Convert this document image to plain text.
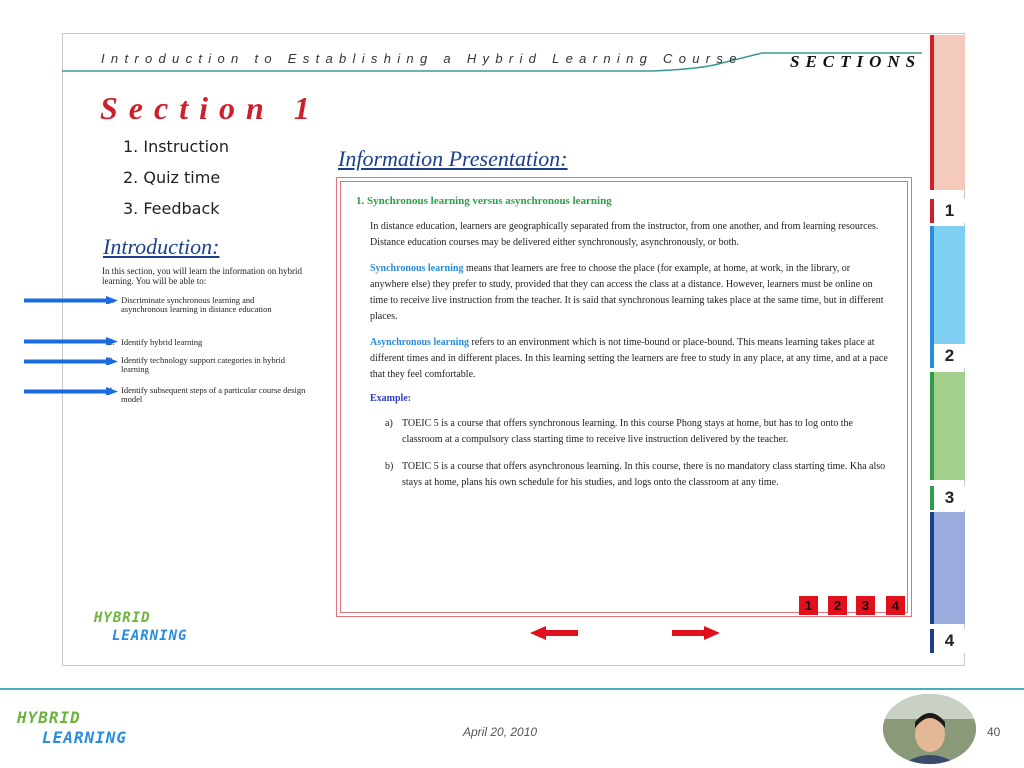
Introduction to Establishing a Hybrid Learning Course	SECTIONS
Section 1
1. Instruction
2. Quiz time
3. Feedback
Introduction:
In this section, you will learn the information on hybrid learning. You will be able to:
Discriminate synchronous learning and asynchronous learning in distance education
Identify hybrid learning
Identify technology support categories in hybrid learning
Identify subsequent steps of a particular course design model
HYBRID
LEARNING
Information Presentation:
1. Synchronous learning versus asynchronous learning
In distance education, learners are geographically separated from the instructor, from one another, and from learning resources. Distance education courses may be delivered either synchronously, asynchronously, or both.
Synchronous learning means that learners are free to choose the place (for example, at home, at work, in the library, or anywhere else) they prefer to study, provided that they can access the class at a distance. However, learners must be online on time to receive live instruction from the teacher. It is said that synchronous learning takes place at the same time, but in different places.
Asynchronous learning refers to an environment which is not time-bound or place-bound. This means learning takes place at different times and in different places. In this learning setting the learners are free to study in any place, at any time, and at a pace that they feel comfortable.
Example:
a) TOEIC 5 is a course that offers synchronous learning. In this course Phong stays at home, but has to log onto the classroom at a compulsory class starting time to receive live instruction delivered by the teacher.
b) TOEIC 5 is a course that offers asynchronous learning. In this course, there is no mandatory class starting time. Kha also stays at home, plans his own schedule for his studies, and logs onto the classroom at any time.
1	2	3	4
1
2
3
4
HYBRID
LEARNING	April 20, 2010	40
